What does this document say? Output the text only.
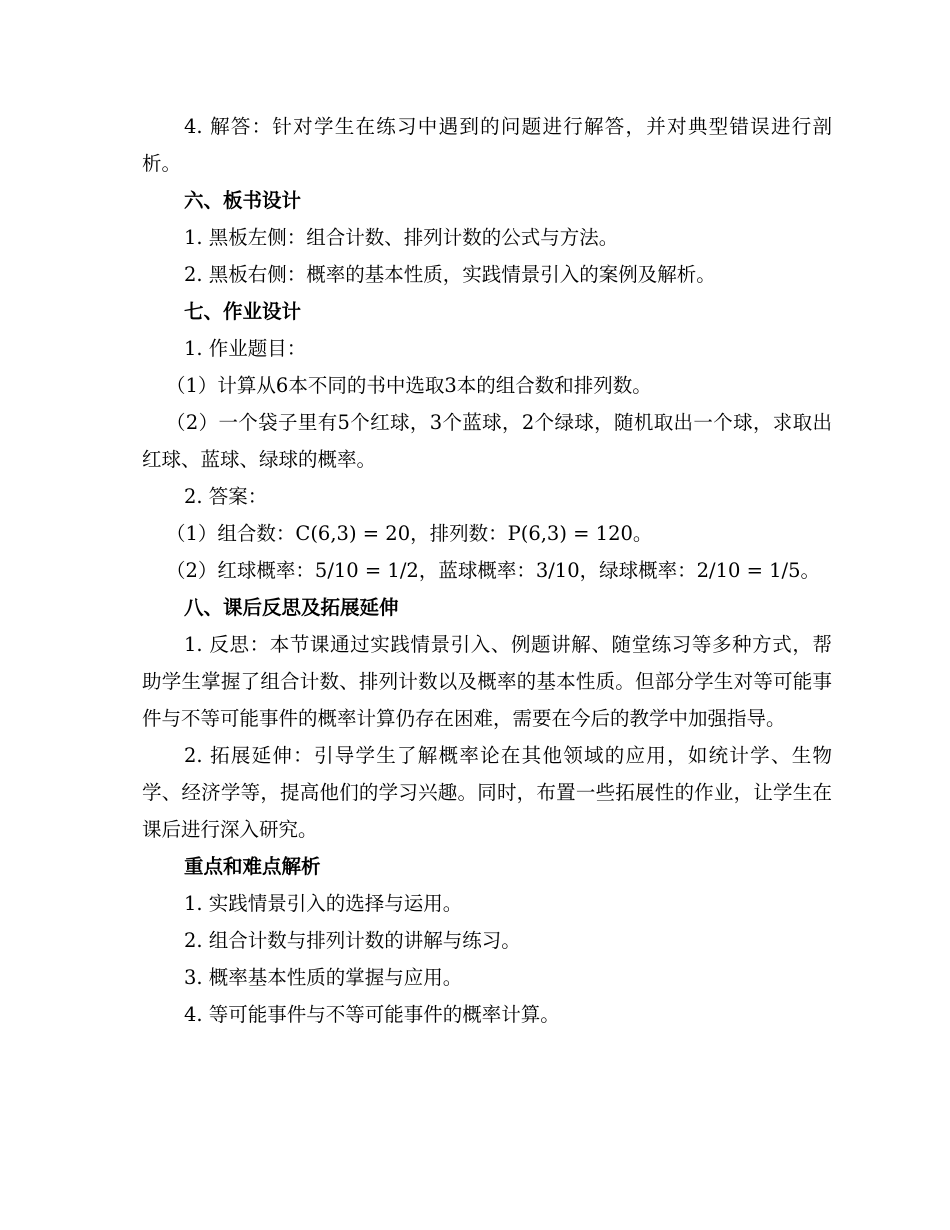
4. 解答：针对学生在练习中遇到的问题进行解答，并对典型错误进行剖析。

六、板书设计

1. 黑板左侧：组合计数、排列计数的公式与方法。

2. 黑板右侧：概率的基本性质，实践情景引入的案例及解析。

七、作业设计

1. 作业题目：

（1）计算从6本不同的书中选取3本的组合数和排列数。

（2）一个袋子里有5个红球，3个蓝球，2个绿球，随机取出一个球，求取出红球、蓝球、绿球的概率。

2. 答案：

（1）组合数：C(6,3) = 20，排列数：P(6,3) = 120。

（2）红球概率：5/10 = 1/2，蓝球概率：3/10，绿球概率：2/10 = 1/5。

八、课后反思及拓展延伸

1. 反思：本节课通过实践情景引入、例题讲解、随堂练习等多种方式，帮助学生掌握了组合计数、排列计数以及概率的基本性质。但部分学生对等可能事件与不等可能事件的概率计算仍存在困难，需要在今后的教学中加强指导。

2. 拓展延伸：引导学生了解概率论在其他领域的应用，如统计学、生物学、经济学等，提高他们的学习兴趣。同时，布置一些拓展性的作业，让学生在课后进行深入研究。

重点和难点解析

1. 实践情景引入的选择与运用。

2. 组合计数与排列计数的讲解与练习。

3. 概率基本性质的掌握与应用。

4. 等可能事件与不等可能事件的概率计算。
